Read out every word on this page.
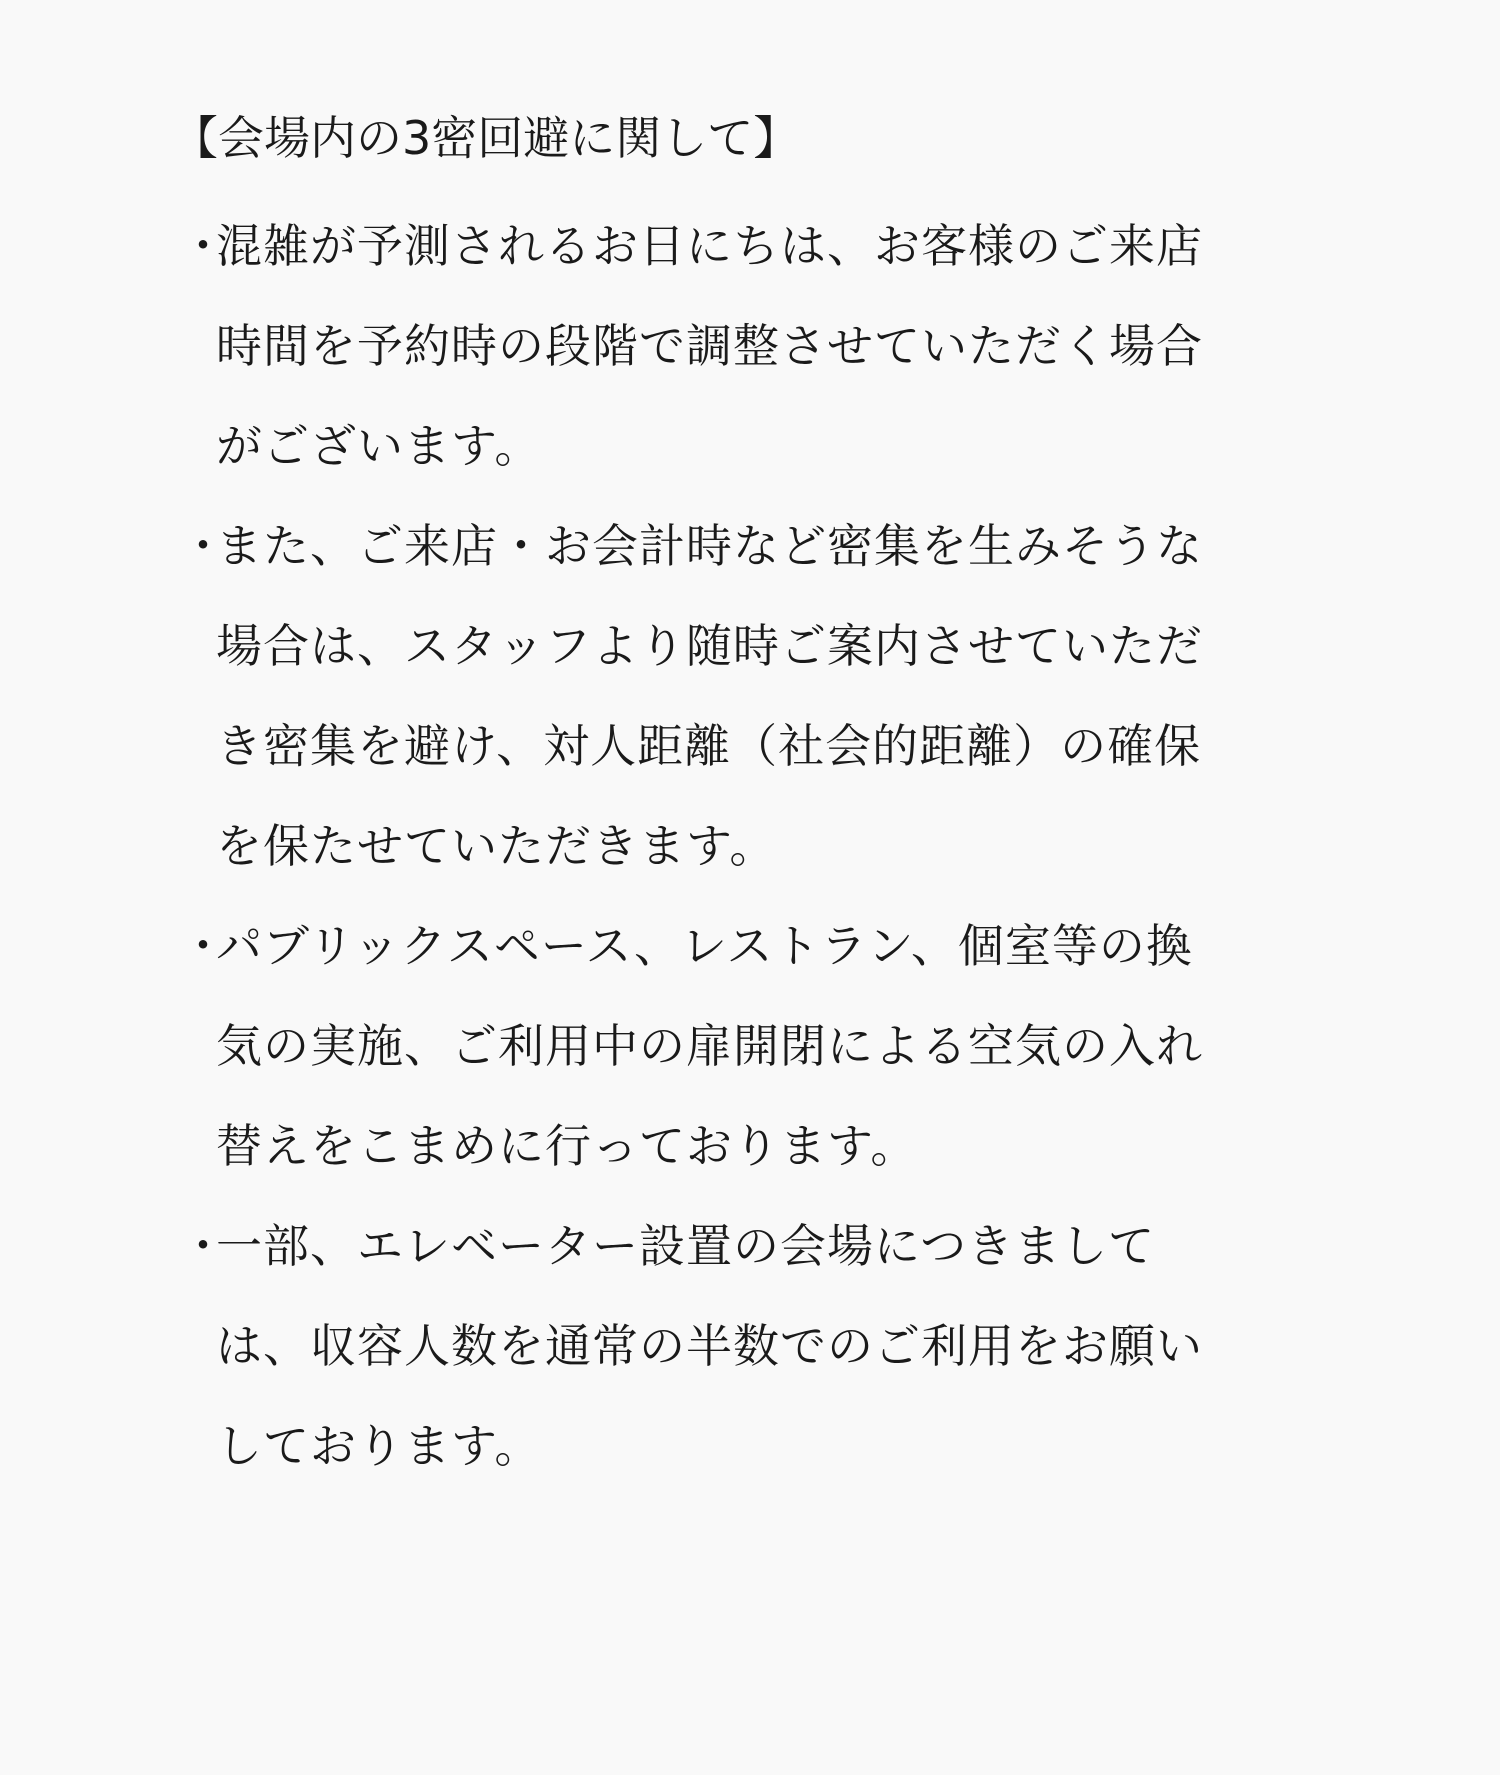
【会場内の3密回避に関して】
・
混雑が予測されるお日にちは、お客様のご来店
時間を予約時の段階で調整させていただく場合
がございます。
・
また、ご来店・お会計時など密集を生みそうな
場合は、スタッフより随時ご案内させていただ
き密集を避け、対人距離（社会的距離）の確保
を保たせていただきます。
・
パブリックスペース、レストラン、個室等の換
気の実施、ご利用中の扉開閉による空気の入れ
替えをこまめに行っております。
・
一部、エレベーター設置の会場につきまして
は、収容人数を通常の半数でのご利用をお願い
しております。
